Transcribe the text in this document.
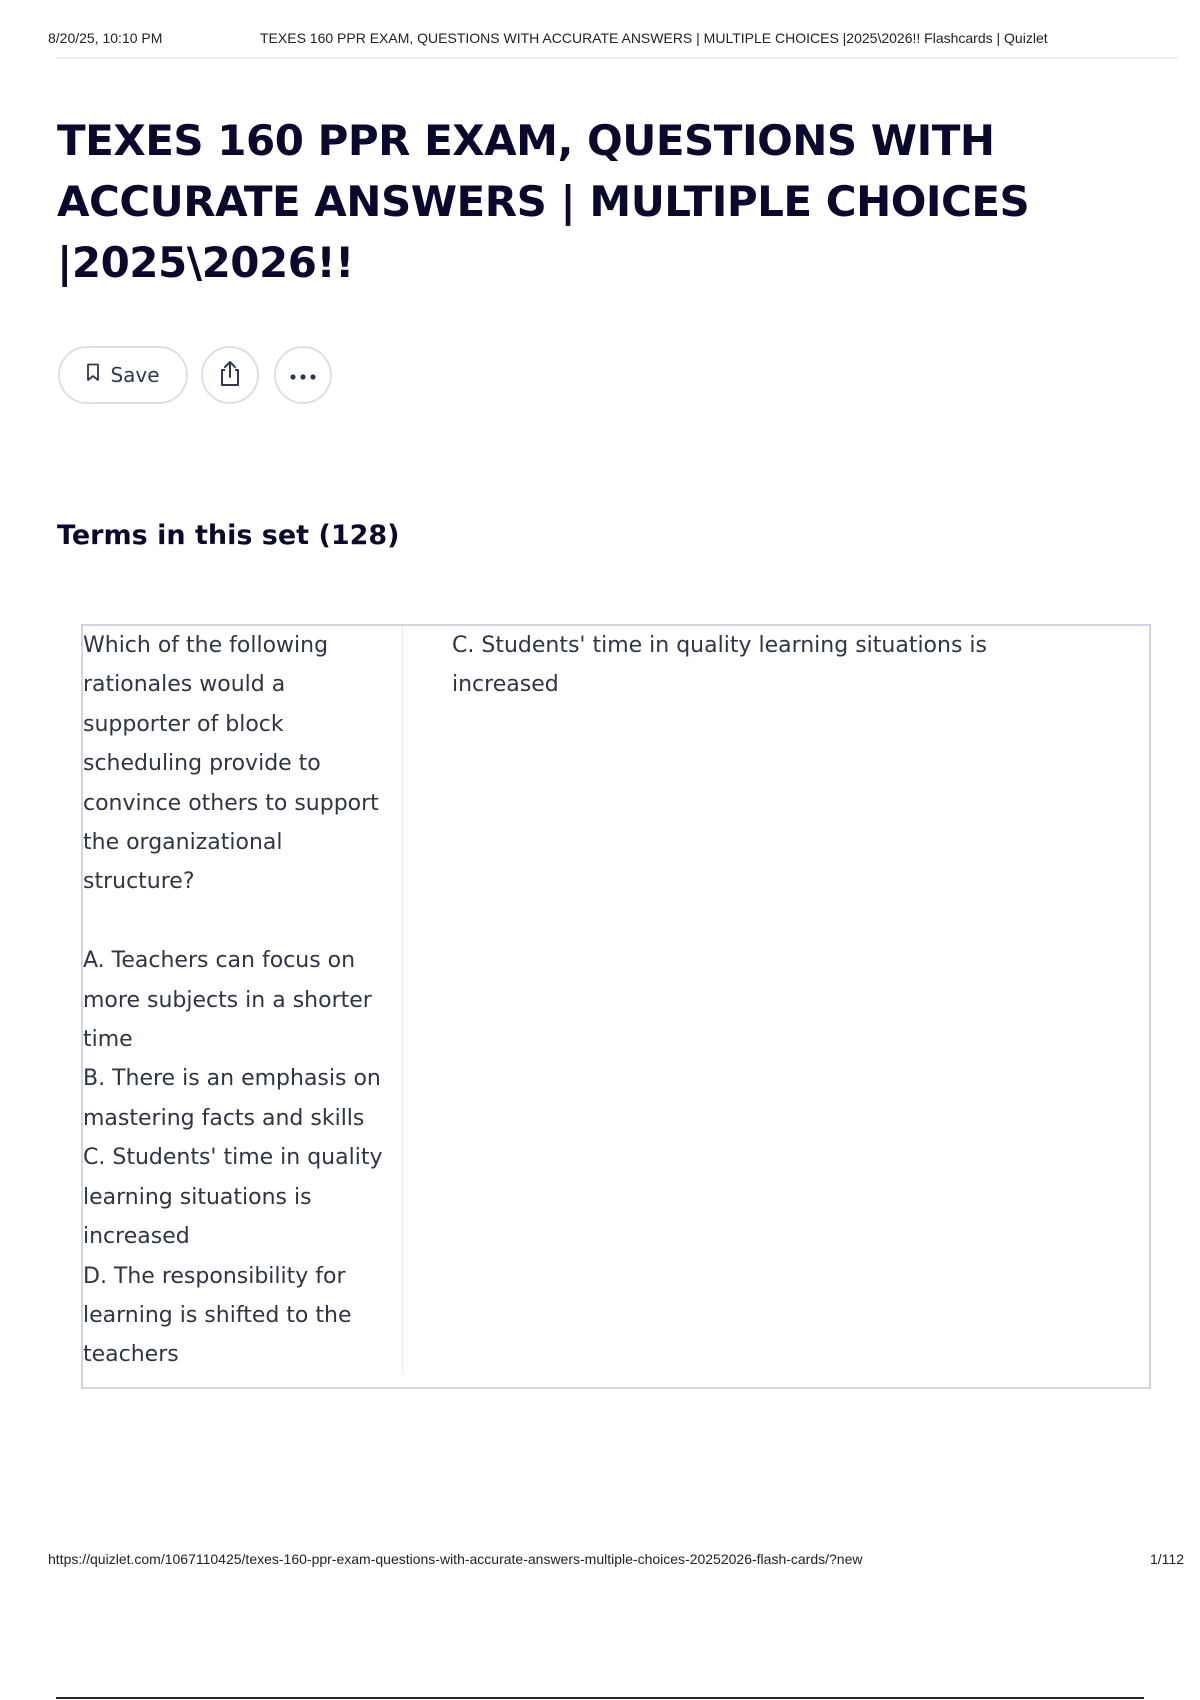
8/20/25, 10:10 PM	TEXES 160 PPR EXAM, QUESTIONS WITH ACCURATE ANSWERS | MULTIPLE CHOICES |2025\2026!! Flashcards | Quizlet
TEXES 160 PPR EXAM, QUESTIONS WITH ACCURATE ANSWERS | MULTIPLE CHOICES |2025\2026!!
Save
Terms in this set (128)
Which of the following rationales would a supporter of block scheduling provide to convince others to support the organizational structure?

A. Teachers can focus on more subjects in a shorter time
B. There is an emphasis on mastering facts and skills
C. Students' time in quality learning situations is increased
D. The responsibility for learning is shifted to the teachers
C. Students' time in quality learning situations is increased
https://quizlet.com/1067110425/texes-160-ppr-exam-questions-with-accurate-answers-multiple-choices-20252026-flash-cards/?new	1/112
